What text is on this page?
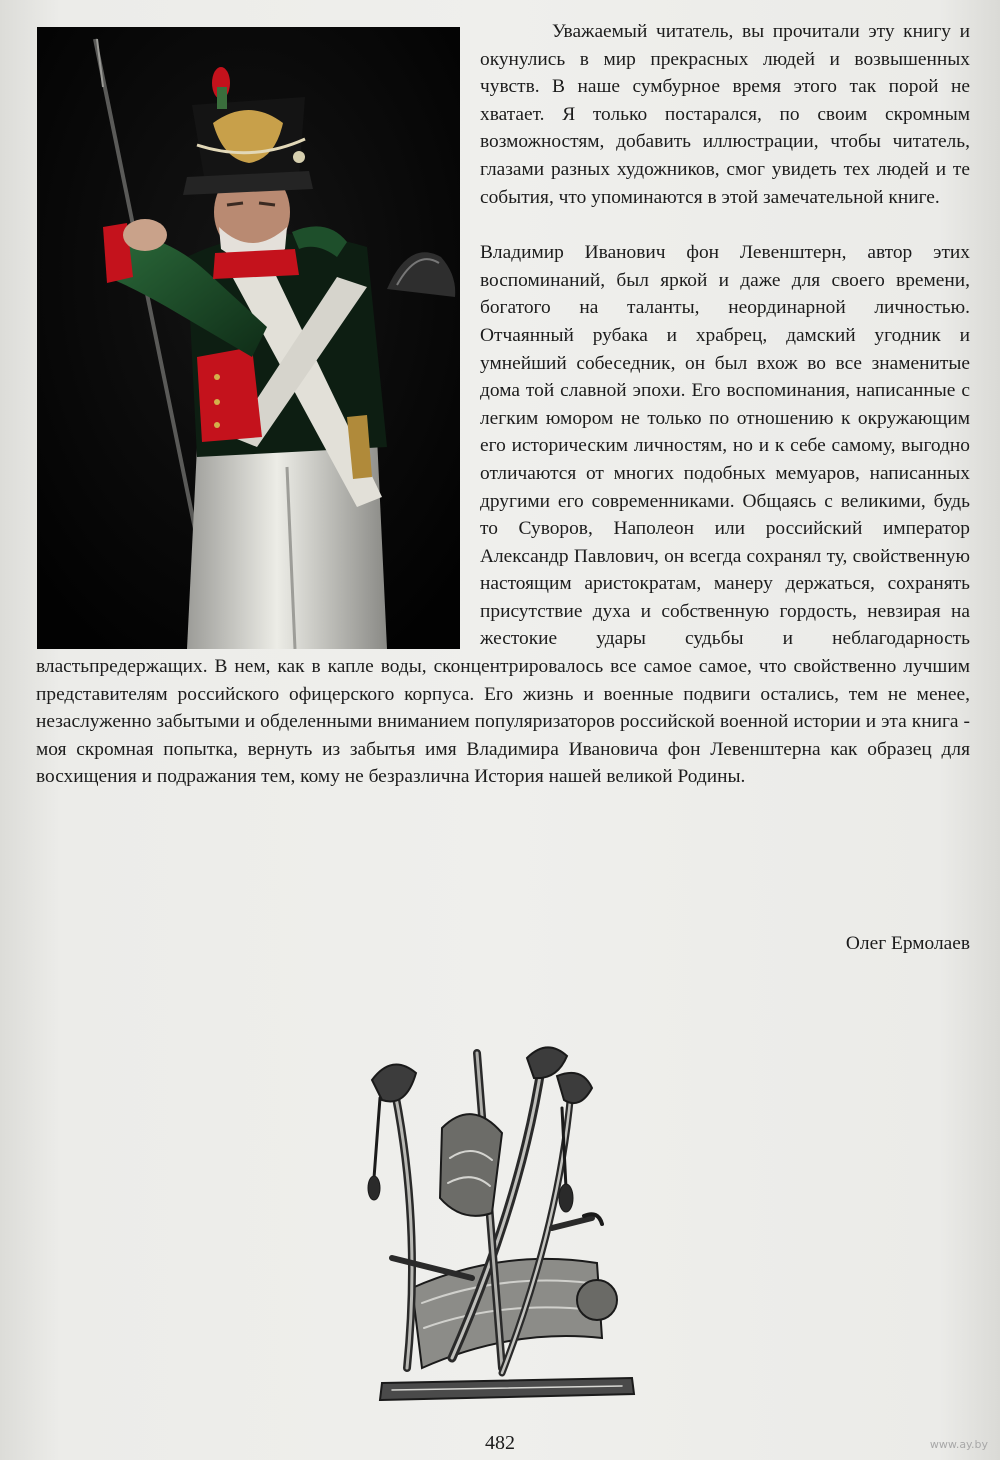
Уважаемый читатель, вы прочитали эту книгу и окунулись в мир прекрасных людей и возвышенных чувств. В наше сумбурное время этого так порой не хватает. Я только постарался, по своим скромным возможностям, добавить иллюстрации, чтобы читатель, глазами разных художников, смог увидеть тех людей и те события, что упоминаются в этой замечательной книге.

Владимир Иванович фон Левенштерн, автор этих воспоминаний, был яркой и даже для своего времени, богатого на таланты, неординарной личностью. Отчаянный рубака и храбрец, дамский угодник и умнейший собеседник, он был вхож во все знаменитые дома той славной эпохи. Его воспоминания, написанные с легким юмором не только по отношению к окружающим его историческим личностям, но и к себе самому, выгодно отличаются от многих подобных мемуаров, написанных другими его современниками. Общаясь с великими, будь то Суворов, Наполеон или российский император Александр Павлович, он всегда сохранял ту, свойственную настоящим аристократам, манеру держаться, сохранять присутствие духа и собственную гордость, невзирая на жестокие удары судьбы и неблагодарность властьпредержащих. В нем, как в капле воды, сконцентрировалось все самое самое, что свойственно лучшим представителям российского офицерского корпуса. Его жизнь и военные подвиги остались, тем не менее, незаслуженно забытыми и обделенными вниманием популяризаторов российской военной истории и эта книга - моя скромная попытка, вернуть из забытья имя Владимира Ивановича фон Левенштерна как образец для восхищения и подражания тем, кому не безразлична История нашей великой Родины.

Олег Ермолаев
482	www.ay.by
